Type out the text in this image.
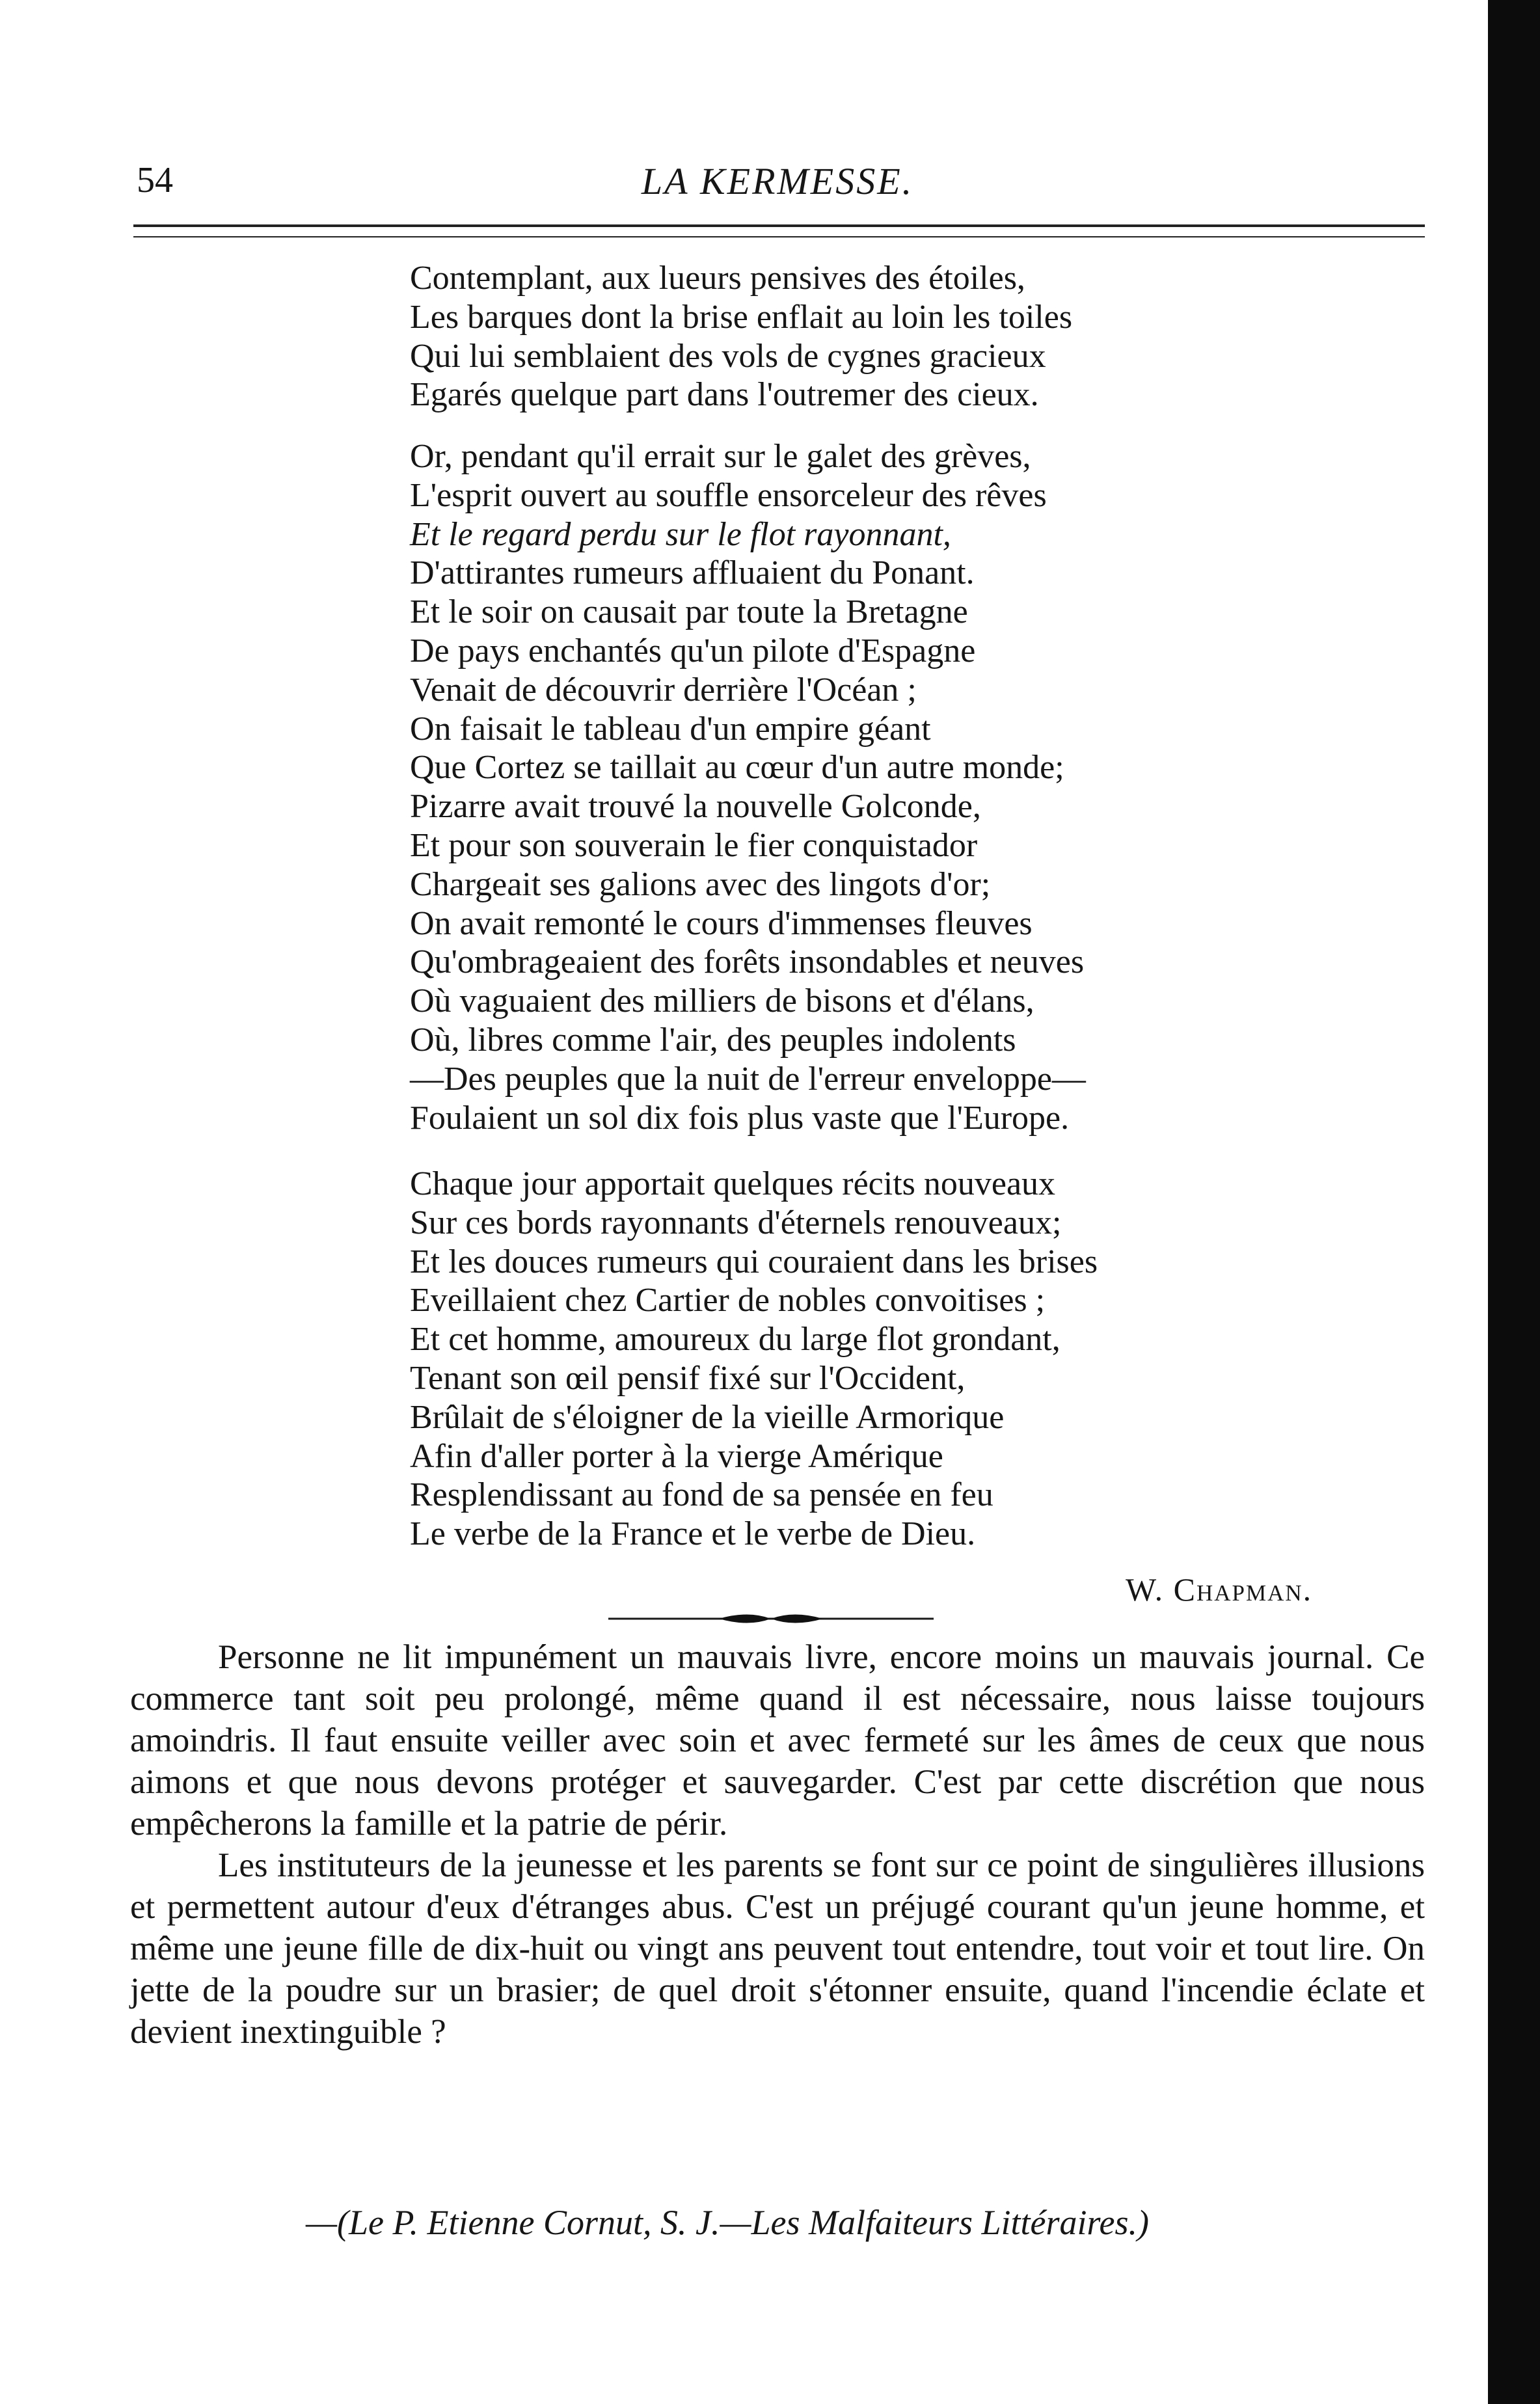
54	LA KERMESSE.
Contemplant, aux lueurs pensives des étoiles,
Les barques dont la brise enflait au loin les toiles
Qui lui semblaient des vols de cygnes gracieux
Egarés quelque part dans l'outremer des cieux.
Or, pendant qu'il errait sur le galet des grèves,
L'esprit ouvert au souffle ensorceleur des rêves
Et le regard perdu sur le flot rayonnant,
D'attirantes rumeurs affluaient du Ponant.
Et le soir on causait par toute la Bretagne
De pays enchantés qu'un pilote d'Espagne
Venait de découvrir derrière l'Océan ;
On faisait le tableau d'un empire géant
Que Cortez se taillait au cœur d'un autre monde;
Pizarre avait trouvé la nouvelle Golconde,
Et pour son souverain le fier conquistador
Chargeait ses galions avec des lingots d'or;
On avait remonté le cours d'immenses fleuves
Qu'ombrageaient des forêts insondables et neuves
Où vaguaient des milliers de bisons et d'élans,
Où, libres comme l'air, des peuples indolents
—Des peuples que la nuit de l'erreur enveloppe—
Foulaient un sol dix fois plus vaste que l'Europe.
Chaque jour apportait quelques récits nouveaux
Sur ces bords rayonnants d'éternels renouveaux;
Et les douces rumeurs qui couraient dans les brises
Eveillaient chez Cartier de nobles convoitises ;
Et cet homme, amoureux du large flot grondant,
Tenant son œil pensif fixé sur l'Occident,
Brûlait de s'éloigner de la vieille Armorique
Afin d'aller porter à la vierge Amérique
Resplendissant au fond de sa pensée en feu
Le verbe de la France et le verbe de Dieu.
W. Chapman.

Personne ne lit impunément un mauvais livre, encore moins un mauvais journal. Ce commerce tant soit peu prolongé, même quand il est nécessaire, nous laisse toujours amoindris. Il faut ensuite veiller avec soin et avec fermeté sur les âmes de ceux que nous aimons et que nous devons protéger et sauvegarder. C'est par cette discrétion que nous empêcherons la famille et la patrie de périr.

Les instituteurs de la jeunesse et les parents se font sur ce point de singulières illusions et permettent autour d'eux d'étranges abus. C'est un préjugé courant qu'un jeune homme, et même une jeune fille de dix-huit ou vingt ans peuvent tout entendre, tout voir et tout lire. On jette de la poudre sur un brasier; de quel droit s'étonner ensuite, quand l'incendie éclate et devient inextinguible ?

—(Le P. Etienne Cornut, S. J.—Les Malfaiteurs Littéraires.)
